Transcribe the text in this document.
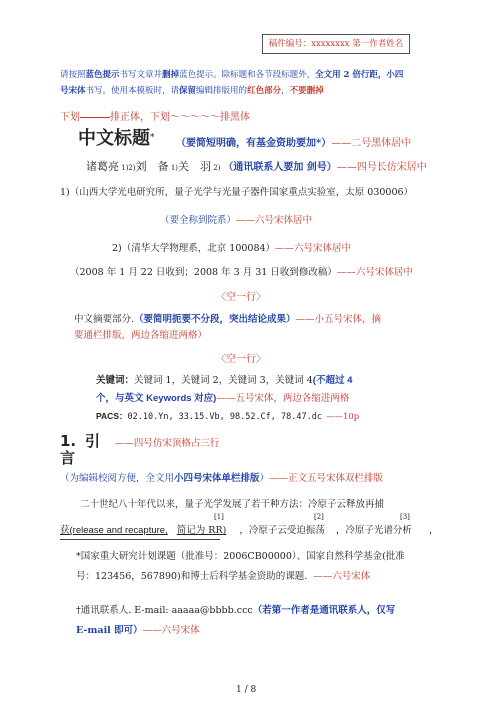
稿件编号：xxxxxxxx 第一作者姓名
请按照蓝色提示书写文章并删掉蓝色提示。除标题和各节段标题外，全文用 2 倍行距，小四
号宋体书写。使用本模板时，请保留编辑排版用的红色部分，不要删掉
下划	排正体，下划～～～～～排黑体
中文标题* （要简短明确，有基金资助要加*）——二号黑体居中
诸葛亮 1)2)刘　备 1)关　羽 2) （通讯联系人要加 剑号）——四号长仿宋居中
1)（山西大学光电研究所，量子光学与光量子器件国家重点实验室，太原 030006）
（要全称到院系）——六号宋体居中
2)（清华大学物理系，北京 100084）——六号宋体居中
（2008 年 1 月 22 日收到；2008 年 3 月 31 日收到修改稿）——六号宋体居中
〈空一行〉
中文摘要部分.（要简明扼要不分段，突出结论成果）——小五号宋体，摘
要通栏排版，两边各缩进两格）
〈空一行〉
关键词：关键词 1，关键词 2，关键词 3，关键词 4(不超过 4
个，与英文 Keywords 对应)——五号宋体，两边各缩进两格
PACS：02.10.Yn, 33.15.Vb, 98.52.Cf, 78.47.dc ——10p
1. 引 ——四号仿宋顶格占三行
言
（为编辑校阅方便，全文用小四号宋体单栏排版）——正文五号宋体双栏排版
二十世纪八十年代以来，量子光学发展了若干种方法：冷原子云释放再捕
[1]	[2]	[3]
获(release and recapture, 简记为 RR) ，冷原子云受迫振荡 ，冷原子光谱分析 ，
*国家重大研究计划课题（批准号：2006CB00000）、国家自然科学基金(批准
号：123456，567890)和博士后科学基金资助的课题. ——六号宋体
†通讯联系人. E-mail: aaaaa@bbbb.ccc（若第一作者是通讯联系人，仅写
E-mail 即可）——六号宋体
1 / 8
